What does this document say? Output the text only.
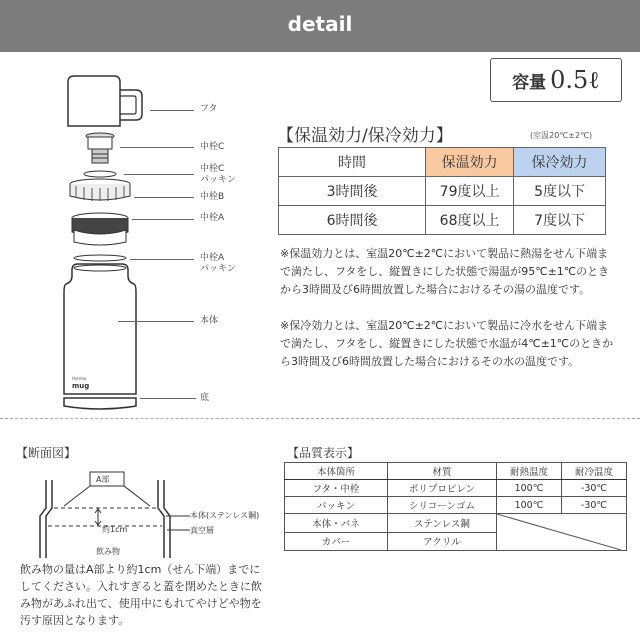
detail
容量 0.5ℓ
thermo
mug
フタ
中栓C
中栓C
パッキン
中栓B
中栓A
中栓A
パッキン
本体
底
【保温効力/保冷効力】	(室温20℃±2℃)
時間	保温効力	保冷効力
3時間後	79度以上	5度以下
6時間後	68度以上	7度以下
※保温効力とは、室温20℃±2℃において製品に熱湯をせん下端まで満たし、フタをし、縦置きにした状態で湯温が95℃±1℃のときから3時間及び6時間放置した場合におけるその湯の温度です。
※保冷効力とは、室温20℃±2℃において製品に冷水をせん下端まで満たし、フタをし、縦置きにした状態で水温が4℃±1℃のときから3時間及び6時間放置した場合におけるその水の温度です。
【断面図】
A部
約1cm
本体(ステンレス鋼)
真空層
飲み物
飲み物の量はA部より約1cm（せん下端）までにしてください。入れすぎると蓋を閉めたときに飲み物があふれ出て、使用中にもれてやけどや物を汚す原因となります。
【品質表示】
本体箇所	材質	耐熱温度	耐冷温度
フタ・中栓	ポリプロピレン	100℃	-30℃
パッキン	シリコーンゴム	100℃	-30℃
本体・バネ	ステンレス鋼	

カバー	アクリル		
